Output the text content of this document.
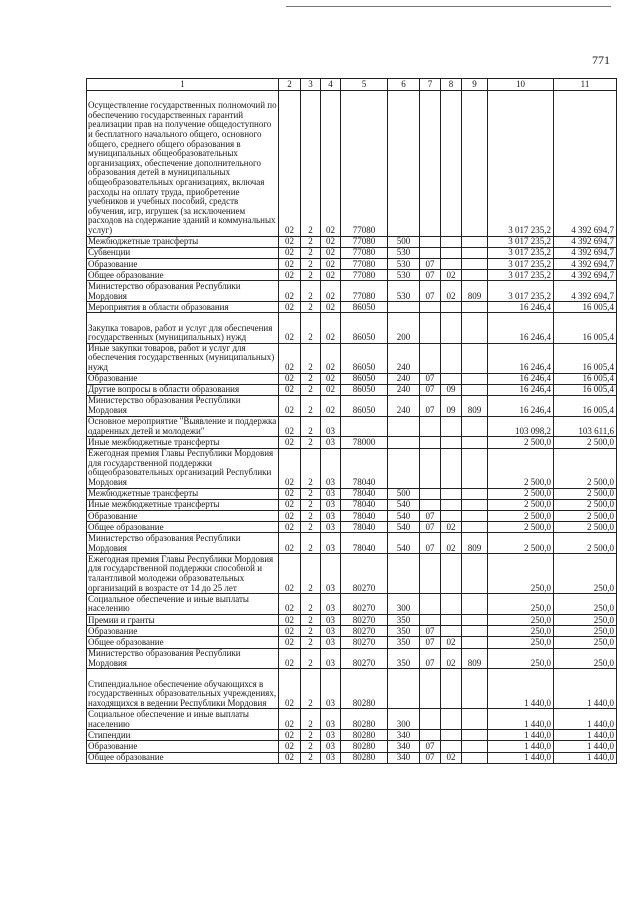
771
1	2	3	4	5	6	7	8	9	10	11
Осуществление государственных полномочий по обеспечению государственных гарантий реализации прав на получение общедоступного и бесплатного начального общего, основного общего, среднего общего образования в муниципальных общеобразовательных организациях, обеспечение дополнительного образования детей в муниципальных общеобразовательных организациях, включая расходы на оплату труда, приобретение учебников и учебных пособий, средств обучения, игр, игрушек (за исключением расходов на содержание зданий и коммунальных услуг)	02	2	02	77080					3 017 235,2	4 392 694,7
Межбюджетные трансферты	02	2	02	77080	500				3 017 235,2	4 392 694,7
Субвенции	02	2	02	77080	530				3 017 235,2	4 392 694,7
Образование	02	2	02	77080	530	07			3 017 235,2	4 392 694,7
Общее образование	02	2	02	77080	530	07	02		3 017 235,2	4 392 694,7
Министерство образования Республики Мордовия	02	2	02	77080	530	07	02	809	3 017 235,2	4 392 694,7
Мероприятия в области образования	02	2	02	86050					16 246,4	16 005,4
Закупка товаров, работ и услуг для обеспечения государственных (муниципальных) нужд	02	2	02	86050	200				16 246,4	16 005,4
Иные закупки товаров, работ и услуг для обеспечения государственных (муниципальных) нужд	02	2	02	86050	240				16 246,4	16 005,4
Образование	02	2	02	86050	240	07			16 246,4	16 005,4
Другие вопросы в области образования	02	2	02	86050	240	07	09		16 246,4	16 005,4
Министерство образования Республики Мордовия	02	2	02	86050	240	07	09	809	16 246,4	16 005,4
Основное мероприятие "Выявление и поддержка одаренных детей и молодежи"	02	2	03						103 098,2	103 611,6
Иные межбюджетные трансферты	02	2	03	78000					2 500,0	2 500,0
Ежегодная премия Главы Республики Мордовия для государственной поддержки общеобразовательных организаций Республики Мордовия	02	2	03	78040					2 500,0	2 500,0
Межбюджетные трансферты	02	2	03	78040	500				2 500,0	2 500,0
Иные межбюджетные трансферты	02	2	03	78040	540				2 500,0	2 500,0
Образование	02	2	03	78040	540	07			2 500,0	2 500,0
Общее образование	02	2	03	78040	540	07	02		2 500,0	2 500,0
Министерство образования Республики Мордовия	02	2	03	78040	540	07	02	809	2 500,0	2 500,0
Ежегодная премия Главы Республики Мордовия для государственной поддержки способной и талантливой молодежи образовательных организаций в возрасте от 14 до 25 лет	02	2	03	80270					250,0	250,0
Социальное обеспечение и иные выплаты населению	02	2	03	80270	300				250,0	250,0
Премии и гранты	02	2	03	80270	350				250,0	250,0
Образование	02	2	03	80270	350	07			250,0	250,0
Общее образование	02	2	03	80270	350	07	02		250,0	250,0
Министерство образования Республики Мордовия	02	2	03	80270	350	07	02	809	250,0	250,0
Стипендиальное обеспечение обучающихся в государственных образовательных учреждениях, находящихся в ведении Республики Мордовия	02	2	03	80280					1 440,0	1 440,0
Социальное обеспечение и иные выплаты населению	02	2	03	80280	300				1 440,0	1 440,0
Стипендии	02	2	03	80280	340				1 440,0	1 440,0
Образование	02	2	03	80280	340	07			1 440,0	1 440,0
Общее образование	02	2	03	80280	340	07	02		1 440,0	1 440,0
